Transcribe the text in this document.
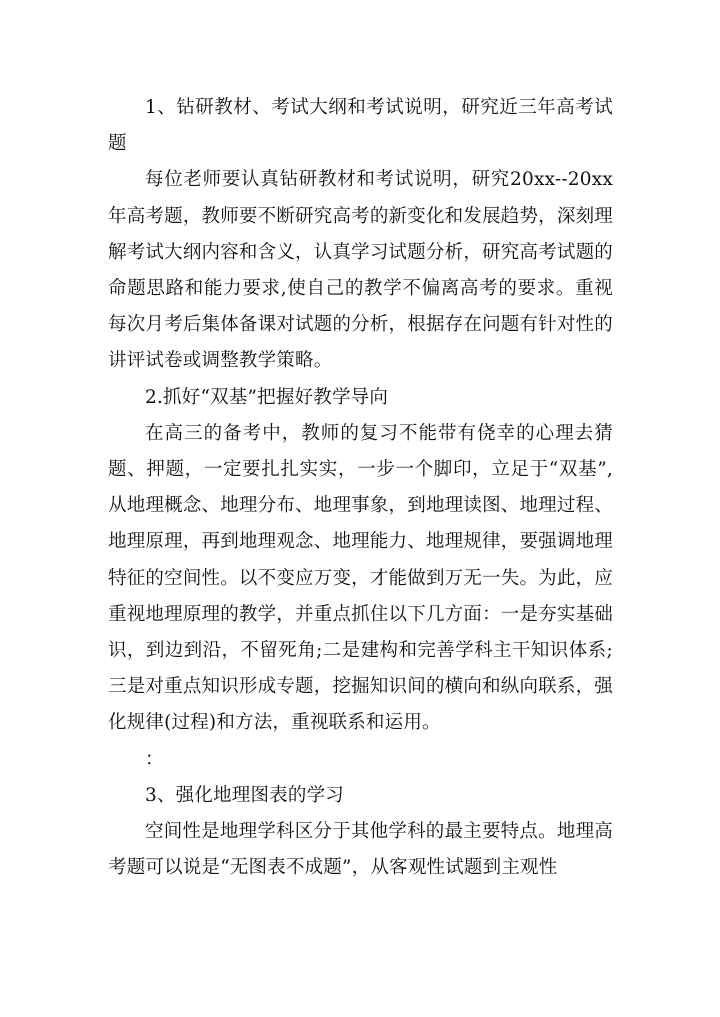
1、钻研教材、考试大纲和考试说明，研究近三年高考试题

每位老师要认真钻研教材和考试说明，研究20xx--20xx年高考题，教师要不断研究高考的新变化和发展趋势，深刻理解考试大纲内容和含义，认真学习试题分析，研究高考试题的命题思路和能力要求,使自己的教学不偏离高考的要求。重视每次月考后集体备课对试题的分析，根据存在问题有针对性的讲评试卷或调整教学策略。

2.抓好“双基”把握好教学导向

在高三的备考中，教师的复习不能带有侥幸的心理去猜题、押题，一定要扎扎实实，一步一个脚印，立足于“双基”,从地理概念、地理分布、地理事象，到地理读图、地理过程、地理原理，再到地理观念、地理能力、地理规律，要强调地理特征的空间性。以不变应万变，才能做到万无一失。为此，应重视地理原理的教学，并重点抓住以下几方面：一是夯实基础识，到边到沿，不留死角;二是建构和完善学科主干知识体系;三是对重点知识形成专题，挖掘知识间的横向和纵向联系，强化规律(过程)和方法，重视联系和运用。

：

3、强化地理图表的学习

空间性是地理学科区分于其他学科的最主要特点。地理高考题可以说是“无图表不成题”，从客观性试题到主观性
